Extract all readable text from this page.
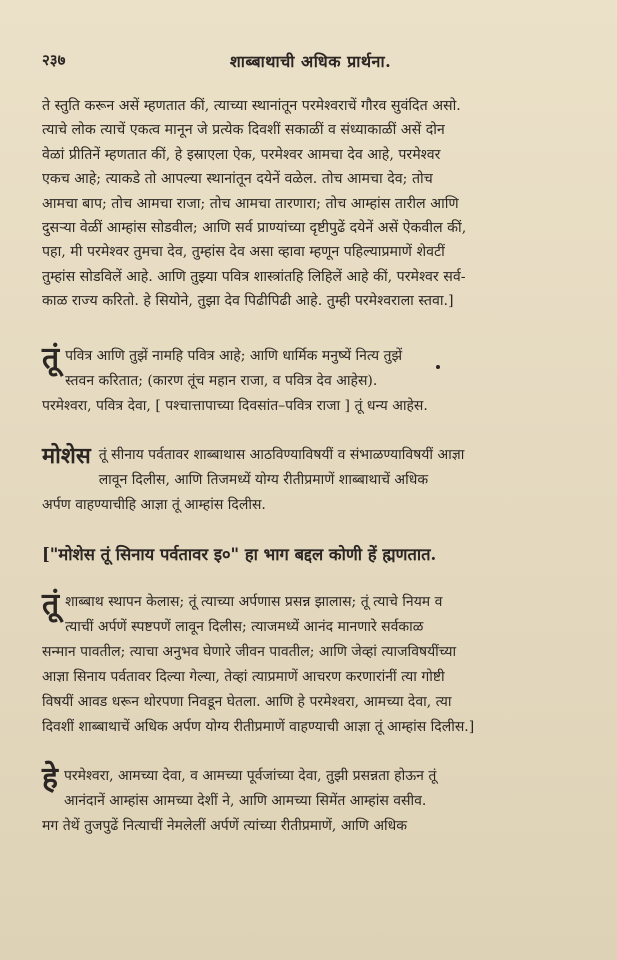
२३७	शाब्बाथाची अधिक प्रार्थना.

ते स्तुति करून असें म्हणतात कीं, त्याच्या स्थानांतून परमेश्वराचें गौरव सुवंदित असो.

त्याचे लोक त्याचें एकत्व मानून जे प्रत्येक दिवशीं सकाळीं व संध्याकाळीं असें दोन

वेळां प्रीतिनें म्हणतात कीं, हे इस्राएला ऐक, परमेश्वर आमचा देव आहे, परमेश्वर

एकच आहे; त्याकडे तो आपल्या स्थानांतून दयेनें वळेल. तोच आमचा देव; तोच

आमचा बाप; तोच आमचा राजा; तोच आमचा तारणारा; तोच आम्हांस तारील आणि

दुसऱ्या वेळीं आम्हांस सोडवील; आणि सर्व प्राण्यांच्या दृष्टीपुढें दयेनें असें ऐकवील कीं,

पहा, मी परमेश्वर तुमचा देव, तुम्हांस देव असा व्हावा म्हणून पहिल्याप्रमाणें शेवटीं

तुम्हांस सोडविलें आहे. आणि तुझ्या पवित्र शास्त्रांतहि लिहिलें आहे कीं, परमेश्वर सर्व-

काळ राज्य करितो. हे सियोने, तुझा देव पिढीपिढी आहे. तुम्ही परमेश्वराला स्तवा.]

तूं पवित्र आणि तुझें नामहि पवित्र आहे; आणि धार्मिक मनुष्यें नित्य तुझें

स्तवन करितात; (कारण तूंच महान राजा, व पवित्र देव आहेस).

परमेश्वरा, पवित्र देवा, [ पश्चात्तापाच्या दिवसांत–पवित्र राजा ] तूं धन्य आहेस.

मोशेस तूं सीनाय पर्वतावर शाब्बाथास आठविण्याविषयीं व संभाळण्याविषयीं आज्ञा

लावून दिलीस, आणि तिजमध्यें योग्य रीतीप्रमाणें शाब्बाथाचें अधिक

अर्पण वाहण्याचीहि आज्ञा तूं आम्हांस दिलीस.

["मोशेस तूं सिनाय पर्वतावर इ०" हा भाग बद्दल कोणी हें ह्मणतात.

तूं शाब्बाथ स्थापन केलास; तूं त्याच्या अर्पणास प्रसन्न झालास; तूं त्याचे नियम व

त्याचीं अर्पणें स्पष्टपणें लावून दिलीस; त्याजमध्यें आनंद मानणारे सर्वकाळ

सन्मान पावतील; त्याचा अनुभव घेणारे जीवन पावतील; आणि जेव्हां त्याजविषयींच्या

आज्ञा सिनाय पर्वतावर दिल्या गेल्या, तेव्हां त्याप्रमाणें आचरण करणारांनीं त्या गोष्टी

विषयीं आवड धरून थोरपणा निवडून घेतला. आणि हे परमेश्वरा, आमच्या देवा, त्या

दिवशीं शाब्बाथाचें अधिक अर्पण योग्य रीतीप्रमाणें वाहण्याची आज्ञा तूं आम्हांस दिलीस.]

हे परमेश्वरा, आमच्या देवा, व आमच्या पूर्वजांच्या देवा, तुझी प्रसन्नता होऊन तूं

आनंदानें आम्हांस आमच्या देशीं ने, आणि आमच्या सिमेंत आम्हांस वसीव.

मग तेथें तुजपुढें नित्याचीं नेमलेलीं अर्पणें त्यांच्या रीतीप्रमाणें, आणि अधिक
